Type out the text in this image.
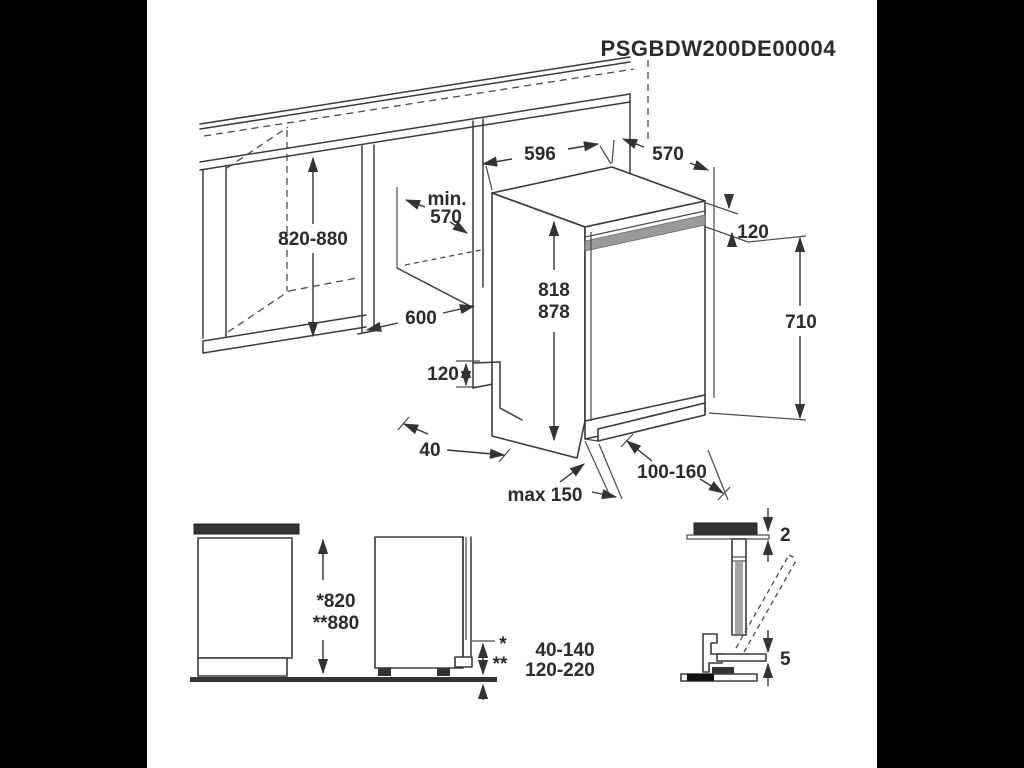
PSGBDW200DE00004
820-880
min.
570
600
596	570
120
710
818
878
120
40
max 150
100-160
*820
**880
* 40-140
** 120-220
2
5
